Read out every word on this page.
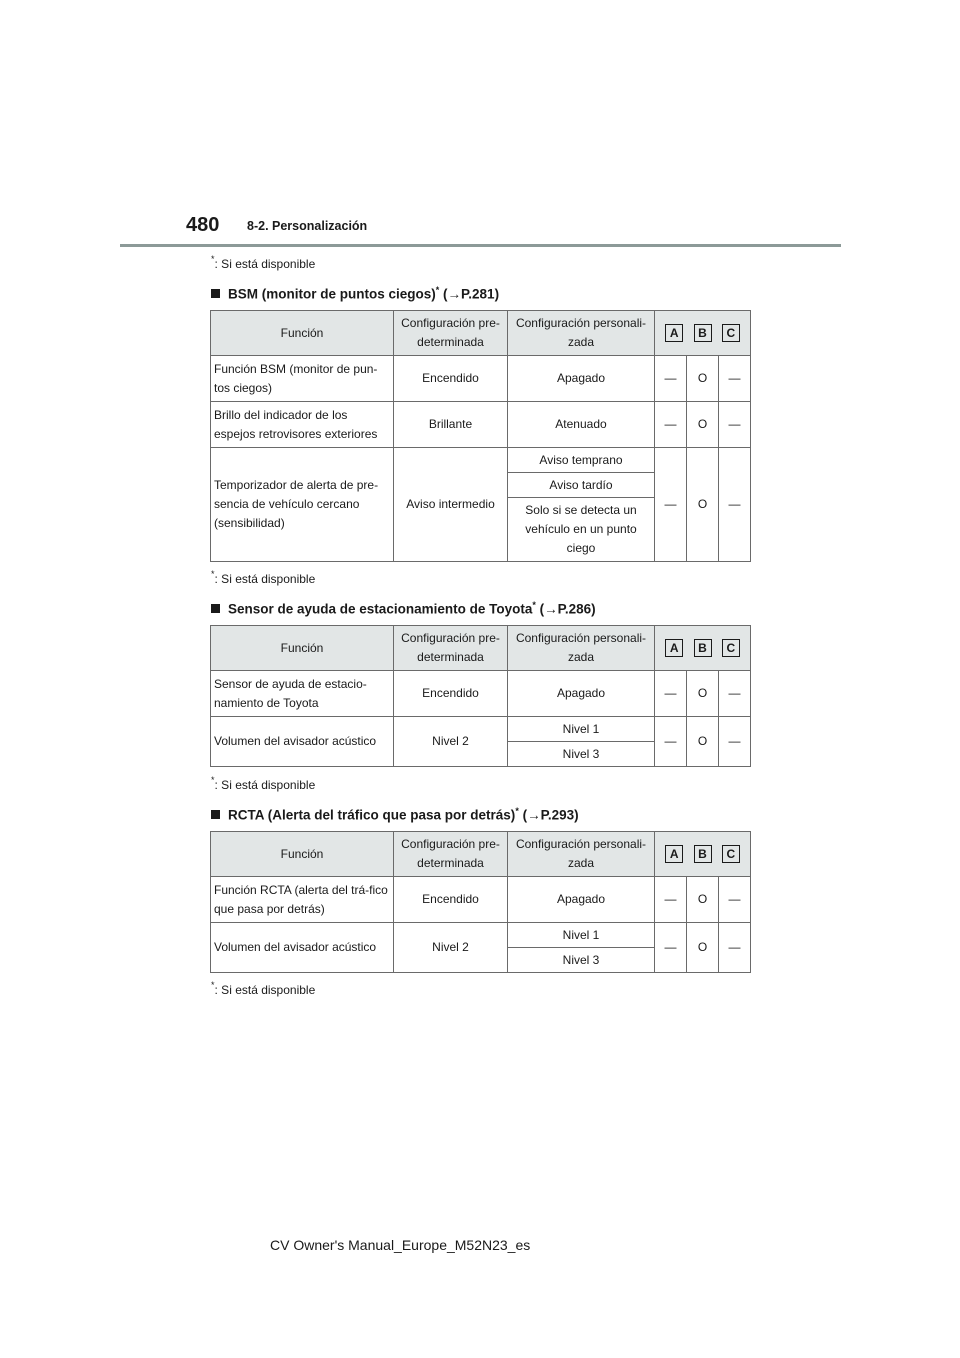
480 8-2. Personalización
*: Si está disponible
BSM (monitor de puntos ciegos)* (→P.281)
Función	Configuración pre-determinada	Configuración personali-zada	A B C		

Función BSM (monitor de pun-tos ciegos)	Encendido	Apagado	—	O	—
Brillo del indicador de los espejos retrovisores exteriores	Brillante	Atenuado	—	O	—
Temporizador de alerta de pre-sencia de vehículo cercano (sensibilidad)	Aviso intermedio	Aviso temprano	—	O	—
		Aviso tardío			
		Solo si se detecta un vehículo en un punto ciego			
*: Si está disponible
Sensor de ayuda de estacionamiento de Toyota* (→P.286)
Función	Configuración pre-determinada	Configuración personali-zada	A B C		

Sensor de ayuda de estacio-namiento de Toyota	Encendido	Apagado	—	O	—
Volumen del avisador acústico	Nivel 2	Nivel 1	—	O	—
		Nivel 3			
*: Si está disponible
RCTA (Alerta del tráfico que pasa por detrás)* (→P.293)
Función	Configuración pre-determinada	Configuración personali-zada	A B C		

Función RCTA (alerta del trá-fico que pasa por detrás)	Encendido	Apagado	—	O	—
Volumen del avisador acústico	Nivel 2	Nivel 1	—	O	—
		Nivel 3			
*: Si está disponible
CV Owner's Manual_Europe_M52N23_es
